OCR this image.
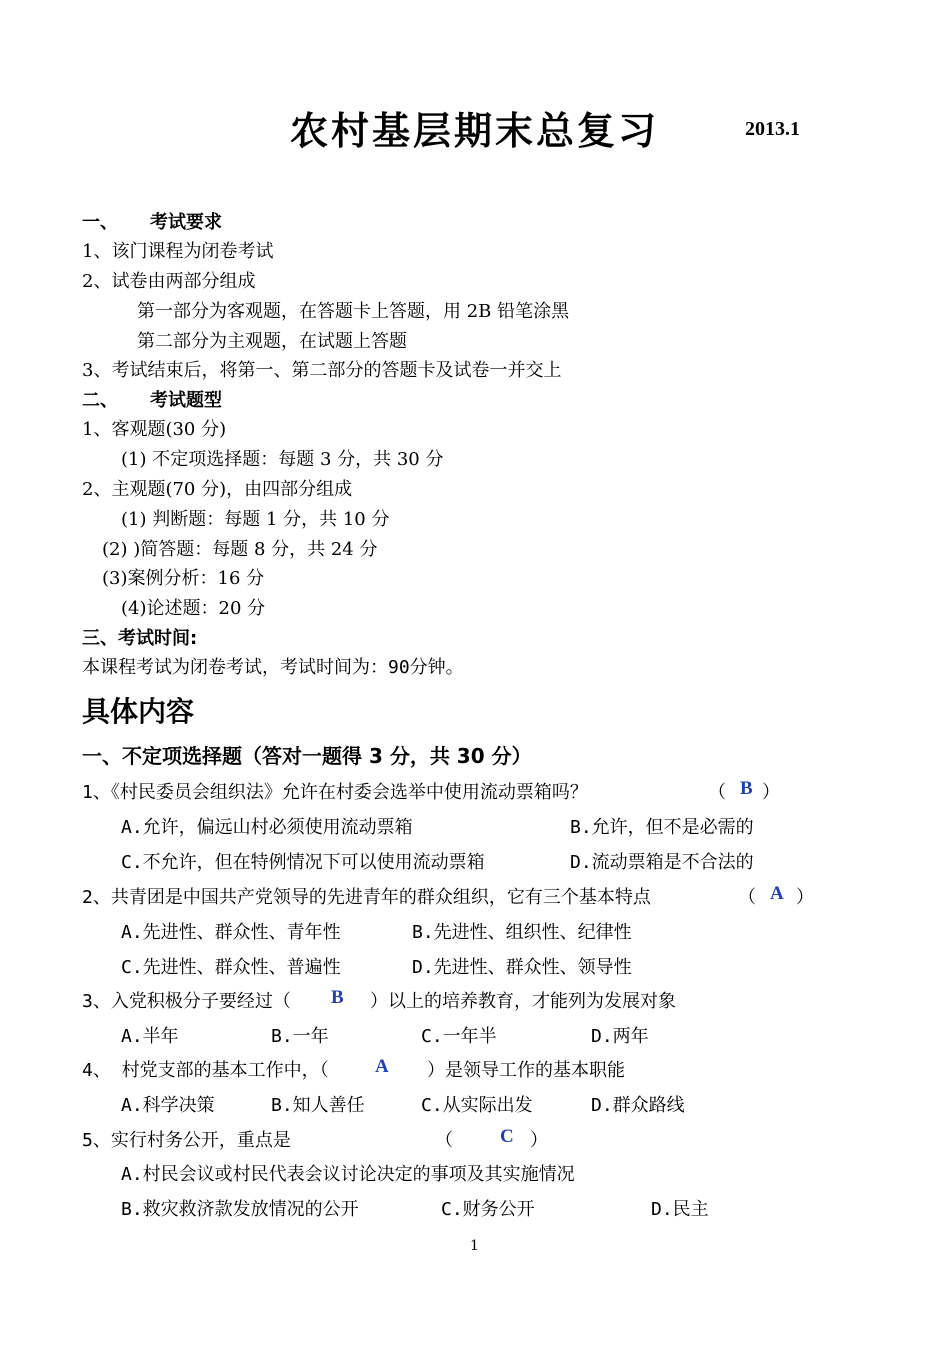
农村基层期末总复习	2013.1
一、 考试要求
1、该门课程为闭卷考试
2、试卷由两部分组成
第一部分为客观题，在答题卡上答题，用 2B 铅笔涂黑
第二部分为主观题，在试题上答题
3、考试结束后，将第一、第二部分的答题卡及试卷一并交上
二、 考试题型
1、客观题(30 分)
(1) 不定项选择题：每题 3 分，共 30 分
2、主观题(70 分)，由四部分组成
(1) 判断题：每题 1 分，共 10 分
(2) )简答题：每题 8 分，共 24 分
(3)案例分析：16 分
(4)论述题：20 分
三、考试时间:
本课程考试为闭卷考试，考试时间为：90分钟。
具体内容
一、不定项选择题（答对一题得 3 分，共 30 分）
1、《村民委员会组织法》允许在村委会选举中使用流动票箱吗？	（ B ）
A.允许，偏远山村必须使用流动票箱	B.允许，但不是必需的
C.不允许，但在特例情况下可以使用流动票箱	D.流动票箱是不合法的
2、共青团是中国共产党领导的先进青年的群众组织，它有三个基本特点	（ A ）
A.先进性、群众性、青年性	B.先进性、组织性、纪律性
C.先进性、群众性、普遍性	D.先进性、群众性、领导性
3、入党积极分子要经过（ B ）以上的培养教育，才能列为发展对象
A.半年	B.一年	C.一年半	D.两年
4、 村党支部的基本工作中，（ A ）是领导工作的基本职能
A.科学决策	B.知人善任	C.从实际出发	D.群众路线
5、实行村务公开，重点是	（ C ）
A.村民会议或村民代表会议讨论决定的事项及其实施情况
B.救灾救济款发放情况的公开	C.财务公开	D.民主
1
